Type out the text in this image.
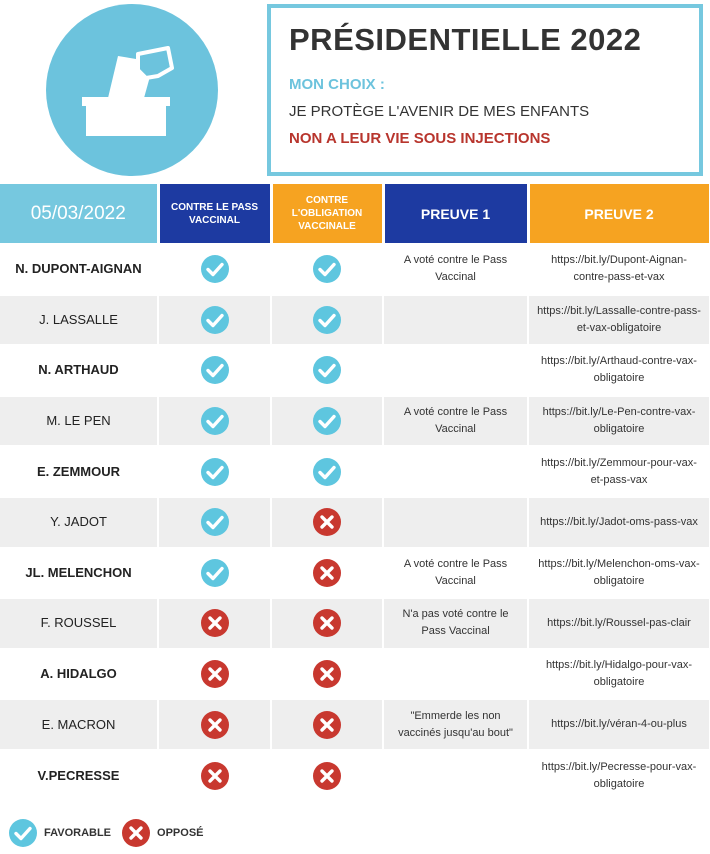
PRÉSIDENTIELLE 2022
MON CHOIX :
JE PROTÈGE L'AVENIR DE MES ENFANTS
NON A LEUR VIE SOUS INJECTIONS
05/03/2022	CONTRE LE PASS VACCINAL	CONTRE L'OBLIGATION VACCINALE	PREUVE 1	PREUVE 2
N. DUPONT-AIGNAN			A voté contre le Pass Vaccinal	https://bit.ly/Dupont-Aignan-contre-pass-et-vax
J. LASSALLE				https://bit.ly/Lassalle-contre-pass-et-vax-obligatoire
N. ARTHAUD				https://bit.ly/Arthaud-contre-vax-obligatoire
M. LE PEN			A voté contre le Pass Vaccinal	https://bit.ly/Le-Pen-contre-vax-obligatoire
E. ZEMMOUR				https://bit.ly/Zemmour-pour-vax-et-pass-vax
Y. JADOT				https://bit.ly/Jadot-oms-pass-vax
JL. MELENCHON			A voté contre le Pass Vaccinal	https://bit.ly/Melenchon-oms-vax-obligatoire
F. ROUSSEL			N'a pas voté contre le Pass Vaccinal	https://bit.ly/Roussel-pas-clair
A. HIDALGO				https://bit.ly/Hidalgo-pour-vax-obligatoire
E. MACRON			"Emmerde les non vaccinés jusqu'au bout"	https://bit.ly/véran-4-ou-plus
V.PECRESSE				https://bit.ly/Pecresse-pour-vax-obligatoire
FAVORABLE	OPPOSÉ
